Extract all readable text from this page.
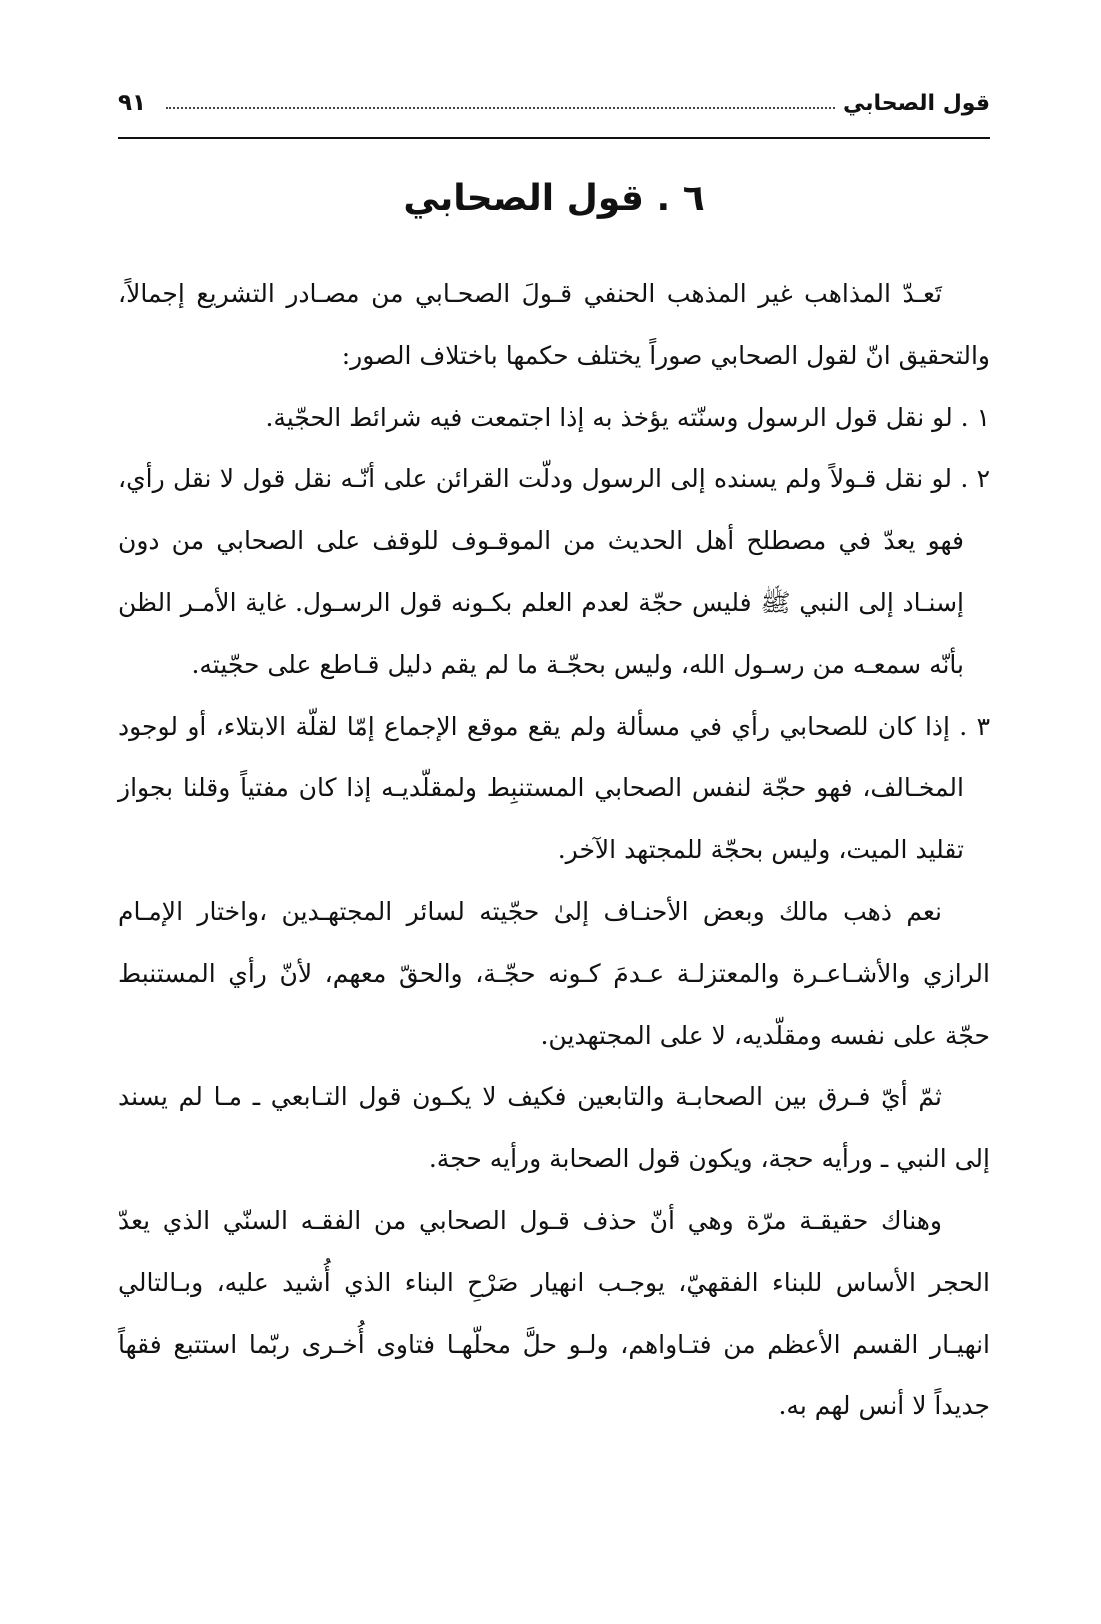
قول الصحابي
٩١
٦ . قول الصحابي

تَعـدّ المذاهب غير المذهب الحنفي قـولَ الصحـابي من مصـادر التشريع إجمالاً، والتحقيق انّ لقول الصحابي صوراً يختلف حكمها باختلاف الصور:

١ . لو نقل قول الرسول وسنّته يؤخذ به إذا اجتمعت فيه شرائط الحجّية.

٢ . لو نقل قـولاً ولم يسنده إلى الرسول ودلّت القرائن على أنّـه نقل قول لا نقل رأي، فهو يعدّ في مصطلح أهل الحديث من الموقـوف للوقف على الصحابي من دون إسنـاد إلى النبي ﷺ فليس حجّة لعدم العلم بكـونه قول الرسـول. غاية الأمـر الظن بأنّه سمعـه من رسـول الله، وليس بحجّـة ما لم يقم دليل قـاطع على حجّيته.

٣ . إذا كان للصحابي رأي في مسألة ولم يقع موقع الإجماع إمّا لقلّة الابتلاء، أو لوجود المخـالف، فهو حجّة لنفس الصحابي المستنبِط ولمقلّديـه إذا كان مفتياً وقلنا بجواز تقليد الميت، وليس بحجّة للمجتهد الآخر.

نعم ذهب مالك وبعض الأحنـاف إلىٰ حجّيته لسائر المجتهـدين ،واختار الإمـام الرازي والأشـاعـرة والمعتزلـة عـدمَ كـونه حجّـة، والحقّ معهم، لأنّ رأي المستنبط حجّة على نفسه ومقلّديه، لا على المجتهدين.

ثمّ أيّ فـرق بين الصحابـة والتابعين فكيف لا يكـون قول التـابعي ـ مـا لم يسند إلى النبي ـ ورأيه حجة، ويكون قول الصحابة ورأيه حجة.

وهناك حقيقـة مرّة وهي أنّ حذف قـول الصحابي من الفقـه السنّي الذي يعدّ الحجر الأساس للبناء الفقهيّ، يوجـب انهيار صَرْحِ البناء الذي أُشيد عليه، وبـالتالي انهيـار القسم الأعظم من فتـاواهم، ولـو حلَّ محلّهـا فتاوى أُخـرى ربّما استتبع فقهاً جديداً لا أنس لهم به.
